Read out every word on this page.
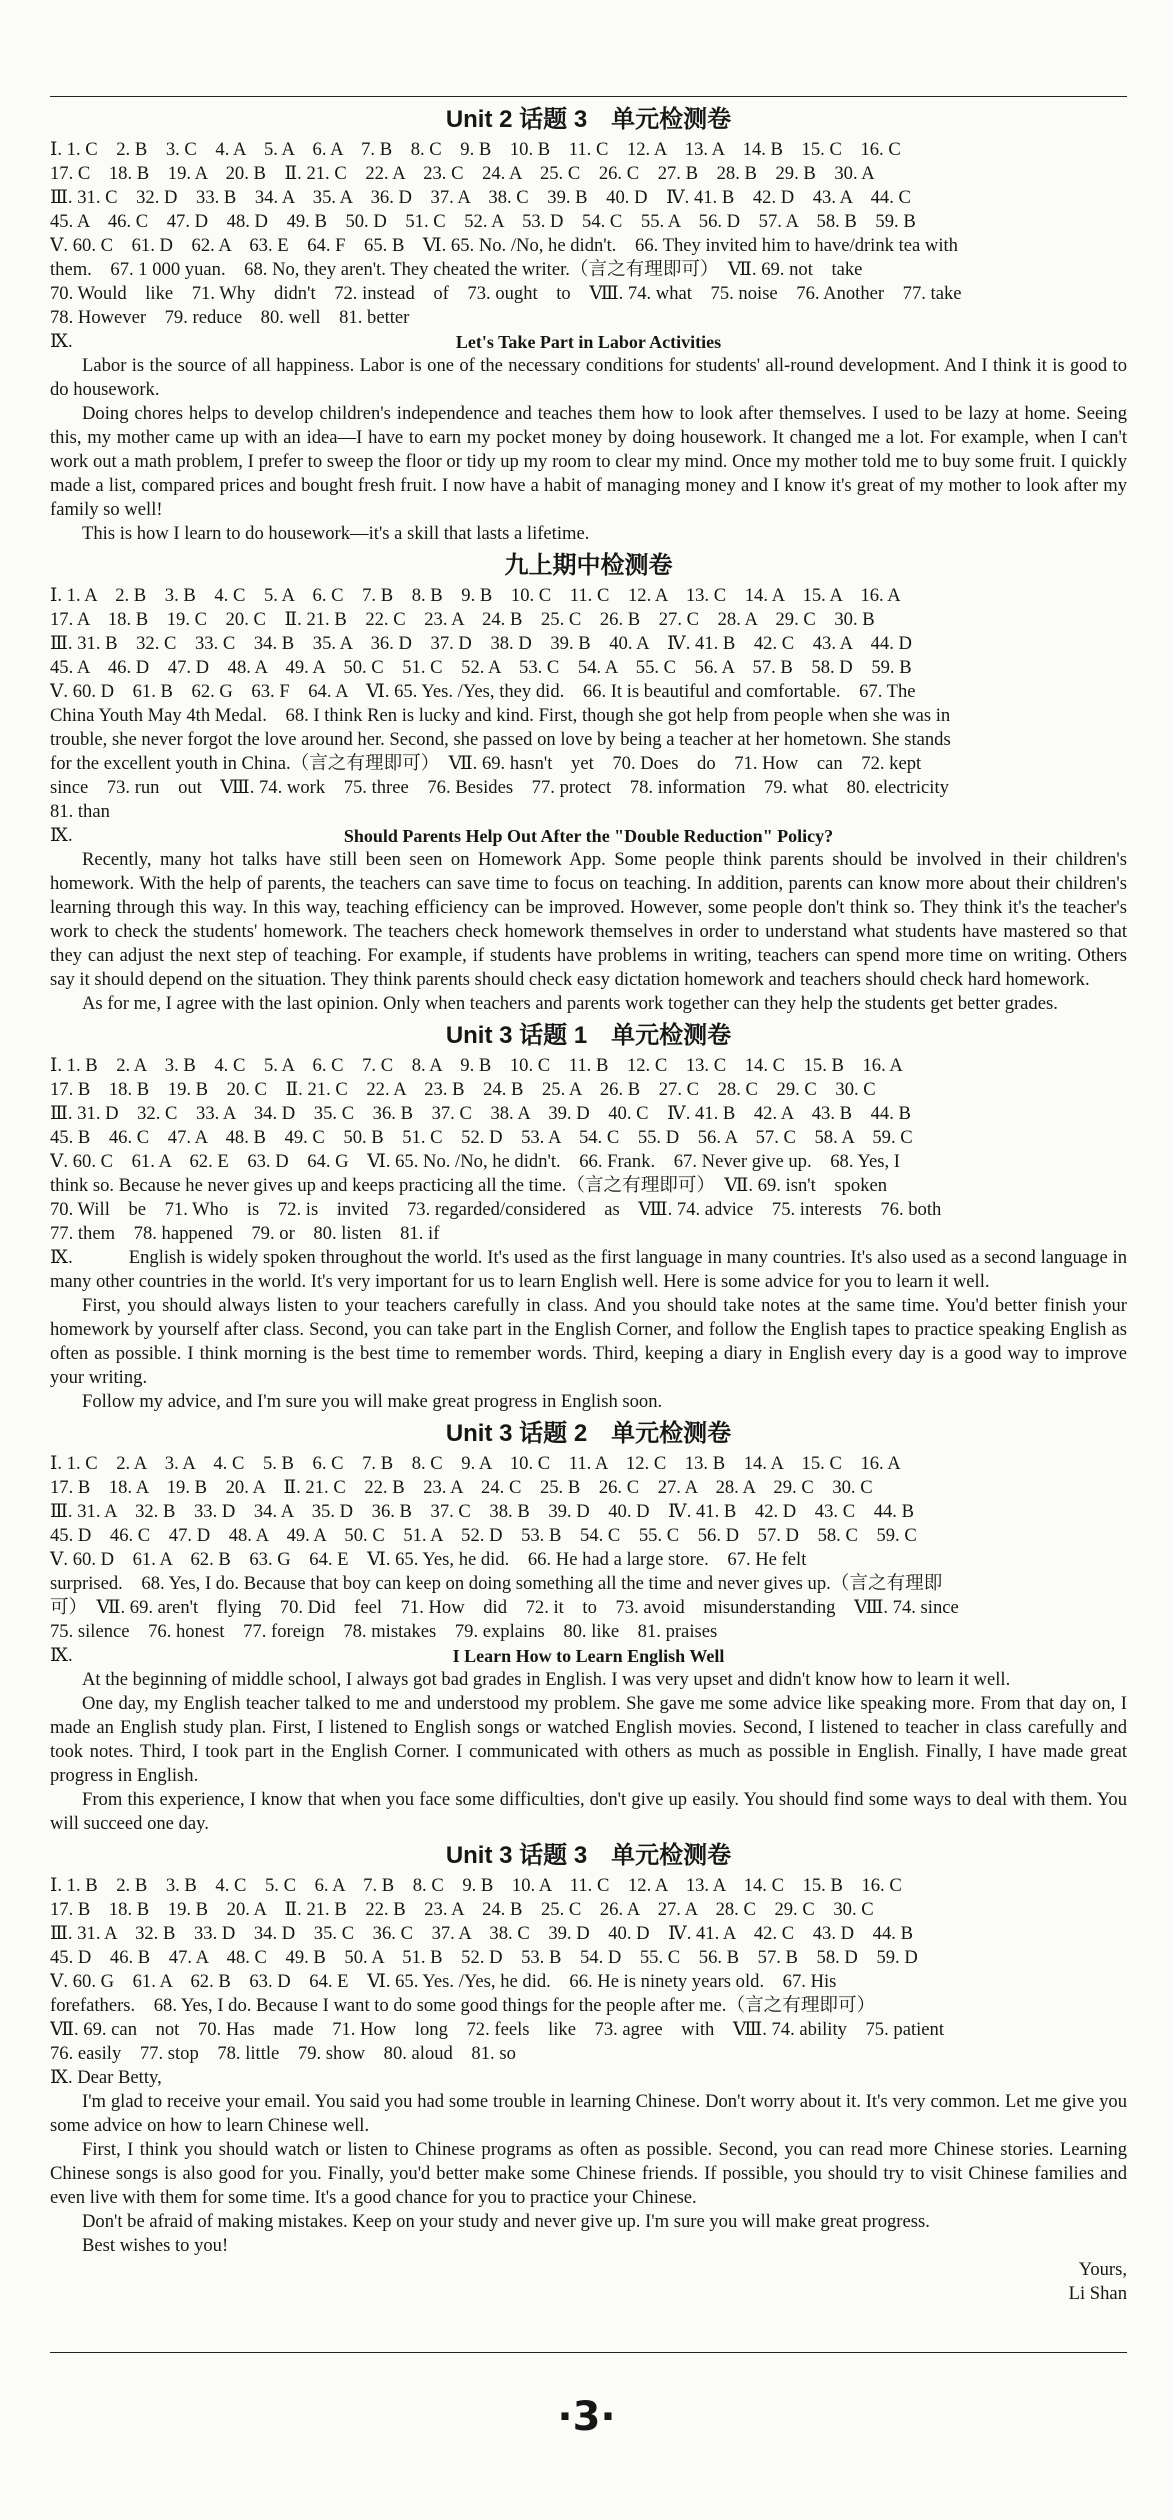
Unit 2 话题 3　单元检测卷
Ⅰ. 1. C　2. B　3. C　4. A　5. A　6. A　7. B　8. C　9. B　10. B　11. C　12. A　13. A　14. B　15. C　16. C
17. C　18. B　19. A　20. B　Ⅱ. 21. C　22. A　23. C　24. A　25. C　26. C　27. B　28. B　29. B　30. A
Ⅲ. 31. C　32. D　33. B　34. A　35. A　36. D　37. A　38. C　39. B　40. D　Ⅳ. 41. B　42. D　43. A　44. C
45. A　46. C　47. D　48. D　49. B　50. D　51. C　52. A　53. D　54. C　55. A　56. D　57. A　58. B　59. B
Ⅴ. 60. C　61. D　62. A　63. E　64. F　65. B　Ⅵ. 65. No. /No, he didn't.　66. They invited him to have/drink tea with
them.　67. 1 000 yuan.　68. No, they aren't. They cheated the writer.（言之有理即可）　Ⅶ. 69. not　take
70. Would　like　71. Why　didn't　72. instead　of　73. ought　to　Ⅷ. 74. what　75. noise　76. Another　77. take
78. However　79. reduce　80. well　81. better
Ⅸ.	Let's Take Part in Labor Activities

Labor is the source of all happiness. Labor is one of the necessary conditions for students' all-round development. And I think it is good to do housework.

Doing chores helps to develop children's independence and teaches them how to look after themselves. I used to be lazy at home. Seeing this, my mother came up with an idea—I have to earn my pocket money by doing housework. It changed me a lot. For example, when I can't work out a math problem, I prefer to sweep the floor or tidy up my room to clear my mind. Once my mother told me to buy some fruit. I quickly made a list, compared prices and bought fresh fruit. I now have a habit of managing money and I know it's great of my mother to look after my family so well!

This is how I learn to do housework—it's a skill that lasts a lifetime.

九上期中检测卷
Ⅰ. 1. A　2. B　3. B　4. C　5. A　6. C　7. B　8. B　9. B　10. C　11. C　12. A　13. C　14. A　15. A　16. A
17. A　18. B　19. C　20. C　Ⅱ. 21. B　22. C　23. A　24. B　25. C　26. B　27. C　28. A　29. C　30. B
Ⅲ. 31. B　32. C　33. C　34. B　35. A　36. D　37. D　38. D　39. B　40. A　Ⅳ. 41. B　42. C　43. A　44. D
45. A　46. D　47. D　48. A　49. A　50. C　51. C　52. A　53. C　54. A　55. C　56. A　57. B　58. D　59. B
Ⅴ. 60. D　61. B　62. G　63. F　64. A　Ⅵ. 65. Yes. /Yes, they did.　66. It is beautiful and comfortable.　67. The
China Youth May 4th Medal.　68. I think Ren is lucky and kind. First, though she got help from people when she was in
trouble, she never forgot the love around her. Second, she passed on love by being a teacher at her hometown. She stands
for the excellent youth in China.（言之有理即可）　Ⅶ. 69. hasn't　yet　70. Does　do　71. How　can　72. kept
since　73. run　out　Ⅷ. 74. work　75. three　76. Besides　77. protect　78. information　79. what　80. electricity
81. than
Ⅸ.	Should Parents Help Out After the "Double Reduction" Policy?

Recently, many hot talks have still been seen on Homework App. Some people think parents should be involved in their children's homework. With the help of parents, the teachers can save time to focus on teaching. In addition, parents can know more about their children's learning through this way. In this way, teaching efficiency can be improved. However, some people don't think so. They think it's the teacher's work to check the students' homework. The teachers check homework themselves in order to understand what students have mastered so that they can adjust the next step of teaching. For example, if students have problems in writing, teachers can spend more time on writing. Others say it should depend on the situation. They think parents should check easy dictation homework and teachers should check hard homework.

As for me, I agree with the last opinion. Only when teachers and parents work together can they help the students get better grades.

Unit 3 话题 1　单元检测卷
Ⅰ. 1. B　2. A　3. B　4. C　5. A　6. C　7. C　8. A　9. B　10. C　11. B　12. C　13. C　14. C　15. B　16. A
17. B　18. B　19. B　20. C　Ⅱ. 21. C　22. A　23. B　24. B　25. A　26. B　27. C　28. C　29. C　30. C
Ⅲ. 31. D　32. C　33. A　34. D　35. C　36. B　37. C　38. A　39. D　40. C　Ⅳ. 41. B　42. A　43. B　44. B
45. B　46. C　47. A　48. B　49. C　50. B　51. C　52. D　53. A　54. C　55. D　56. A　57. C　58. A　59. C
Ⅴ. 60. C　61. A　62. E　63. D　64. G　Ⅵ. 65. No. /No, he didn't.　66. Frank.　67. Never give up.　68. Yes, I
think so. Because he never gives up and keeps practicing all the time.（言之有理即可）　Ⅶ. 69. isn't　spoken
70. Will　be　71. Who　is　72. is　invited　73. regarded/considered　as　Ⅷ. 74. advice　75. interests　76. both
77. them　78. happened　79. or　80. listen　81. if

Ⅸ.	English is widely spoken throughout the world. It's used as the first language in many countries. It's also used as a second language in many other countries in the world. It's very important for us to learn English well. Here is some advice for you to learn it well.

First, you should always listen to your teachers carefully in class. And you should take notes at the same time. You'd better finish your homework by yourself after class. Second, you can take part in the English Corner, and follow the English tapes to practice speaking English as often as possible. I think morning is the best time to remember words. Third, keeping a diary in English every day is a good way to improve your writing.

Follow my advice, and I'm sure you will make great progress in English soon.

Unit 3 话题 2　单元检测卷
Ⅰ. 1. C　2. A　3. A　4. C　5. B　6. C　7. B　8. C　9. A　10. C　11. A　12. C　13. B　14. A　15. C　16. A
17. B　18. A　19. B　20. A　Ⅱ. 21. C　22. B　23. A　24. C　25. B　26. C　27. A　28. A　29. C　30. C
Ⅲ. 31. A　32. B　33. D　34. A　35. D　36. B　37. C　38. B　39. D　40. D　Ⅳ. 41. B　42. D　43. C　44. B
45. D　46. C　47. D　48. A　49. A　50. C　51. A　52. D　53. B　54. C　55. C　56. D　57. D　58. C　59. C
Ⅴ. 60. D　61. A　62. B　63. G　64. E　Ⅵ. 65. Yes, he did.　66. He had a large store.　67. He felt
surprised.　68. Yes, I do. Because that boy can keep on doing something all the time and never gives up.（言之有理即
可）　Ⅶ. 69. aren't　flying　70. Did　feel　71. How　did　72. it　to　73. avoid　misunderstanding　Ⅷ. 74. since
75. silence　76. honest　77. foreign　78. mistakes　79. explains　80. like　81. praises
Ⅸ.	I Learn How to Learn English Well

At the beginning of middle school, I always got bad grades in English. I was very upset and didn't know how to learn it well.

One day, my English teacher talked to me and understood my problem. She gave me some advice like speaking more. From that day on, I made an English study plan. First, I listened to English songs or watched English movies. Second, I listened to teacher in class carefully and took notes. Third, I took part in the English Corner. I communicated with others as much as possible in English. Finally, I have made great progress in English.

From this experience, I know that when you face some difficulties, don't give up easily. You should find some ways to deal with them. You will succeed one day.

Unit 3 话题 3　单元检测卷
Ⅰ. 1. B　2. B　3. B　4. C　5. C　6. A　7. B　8. C　9. B　10. A　11. C　12. A　13. A　14. C　15. B　16. C
17. B　18. B　19. B　20. A　Ⅱ. 21. B　22. B　23. A　24. B　25. C　26. A　27. A　28. C　29. C　30. C
Ⅲ. 31. A　32. B　33. D　34. D　35. C　36. C　37. A　38. C　39. D　40. D　Ⅳ. 41. A　42. C　43. D　44. B
45. D　46. B　47. A　48. C　49. B　50. A　51. B　52. D　53. B　54. D　55. C　56. B　57. B　58. D　59. D
Ⅴ. 60. G　61. A　62. B　63. D　64. E　Ⅵ. 65. Yes. /Yes, he did.　66. He is ninety years old.　67. His
forefathers.　68. Yes, I do. Because I want to do some good things for the people after me.（言之有理即可）
Ⅶ. 69. can　not　70. Has　made　71. How　long　72. feels　like　73. agree　with　Ⅷ. 74. ability　75. patient
76. easily　77. stop　78. little　79. show　80. aloud　81. so

Ⅸ. Dear Betty,

I'm glad to receive your email. You said you had some trouble in learning Chinese. Don't worry about it. It's very common. Let me give you some advice on how to learn Chinese well.

First, I think you should watch or listen to Chinese programs as often as possible. Second, you can read more Chinese stories. Learning Chinese songs is also good for you. Finally, you'd better make some Chinese friends. If possible, you should try to visit Chinese families and even live with them for some time. It's a good chance for you to practice your Chinese.

Don't be afraid of making mistakes. Keep on your study and never give up. I'm sure you will make great progress.

Best wishes to you!

Yours,

Li Shan

·3·
